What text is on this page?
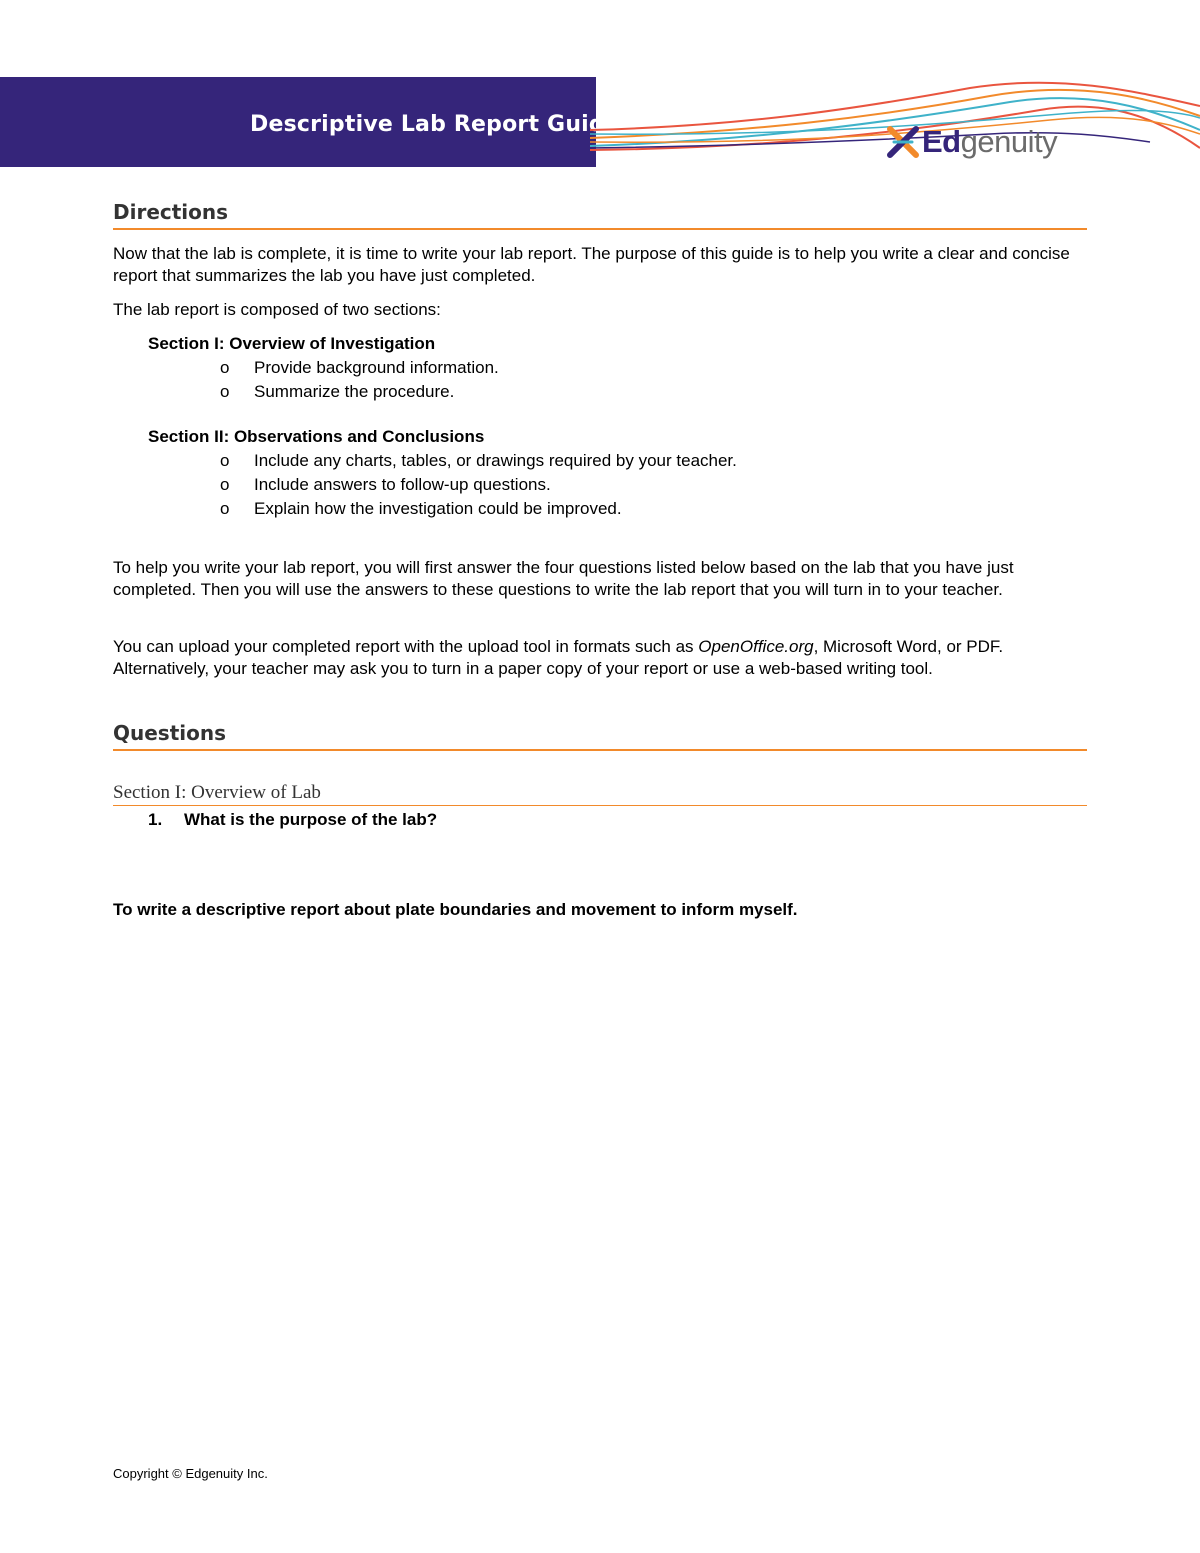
Descriptive Lab Report Guide	Edgenuity
Directions
Now that the lab is complete, it is time to write your lab report. The purpose of this guide is to help you write a clear and concise report that summarizes the lab you have just completed.
The lab report is composed of two sections:
Section I: Overview of Investigation
o Provide background information.
o Summarize the procedure.
Section II: Observations and Conclusions
o Include any charts, tables, or drawings required by your teacher.
o Include answers to follow-up questions.
o Explain how the investigation could be improved.
To help you write your lab report, you will first answer the four questions listed below based on the lab that you have just completed. Then you will use the answers to these questions to write the lab report that you will turn in to your teacher.
You can upload your completed report with the upload tool in formats such as OpenOffice.org, Microsoft Word, or PDF. Alternatively, your teacher may ask you to turn in a paper copy of your report or use a web-based writing tool.
Questions
Section I: Overview of Lab
1. What is the purpose of the lab?
To write a descriptive report about plate boundaries and movement to inform myself.
Copyright © Edgenuity Inc.
